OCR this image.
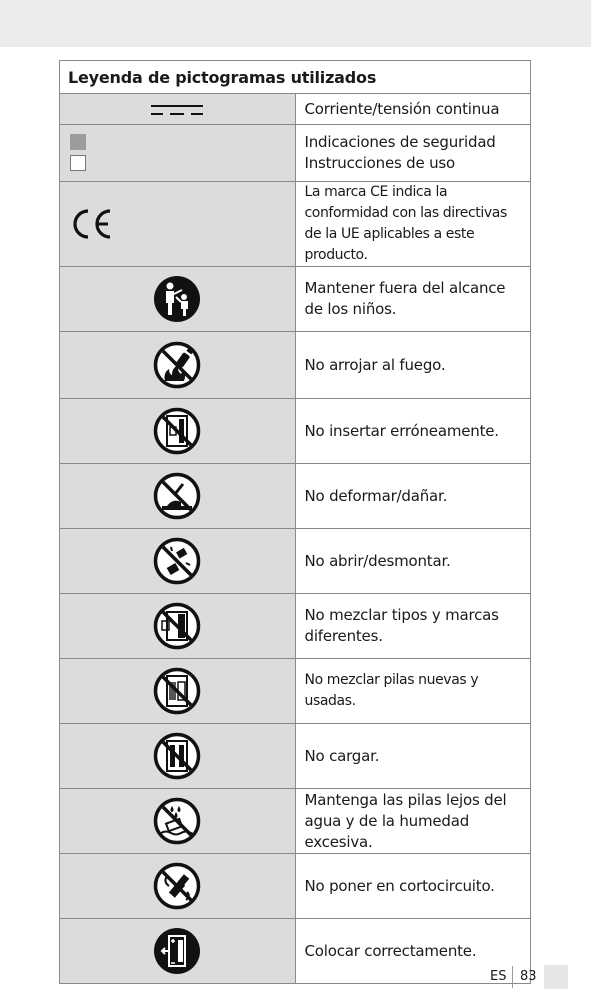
Leyenda de pictogramas utilizados	

Corriente/tensión continua

Indicaciones de seguridad
Instrucciones de uso

La marca CE indica la conformidad con las directivas
de la UE aplicables a este producto.

Mantener fuera del alcance de los niños.

No arrojar al fuego.

No insertar erróneamente.

No deformar/dañar.

No abrir/desmontar.

No mezclar tipos y marcas diferentes.

No mezclar pilas nuevas y usadas.

No cargar.

Mantenga las pilas lejos del agua y de la humedad
excesiva.

No poner en cortocircuito.

Colocar correctamente.
ES 83
